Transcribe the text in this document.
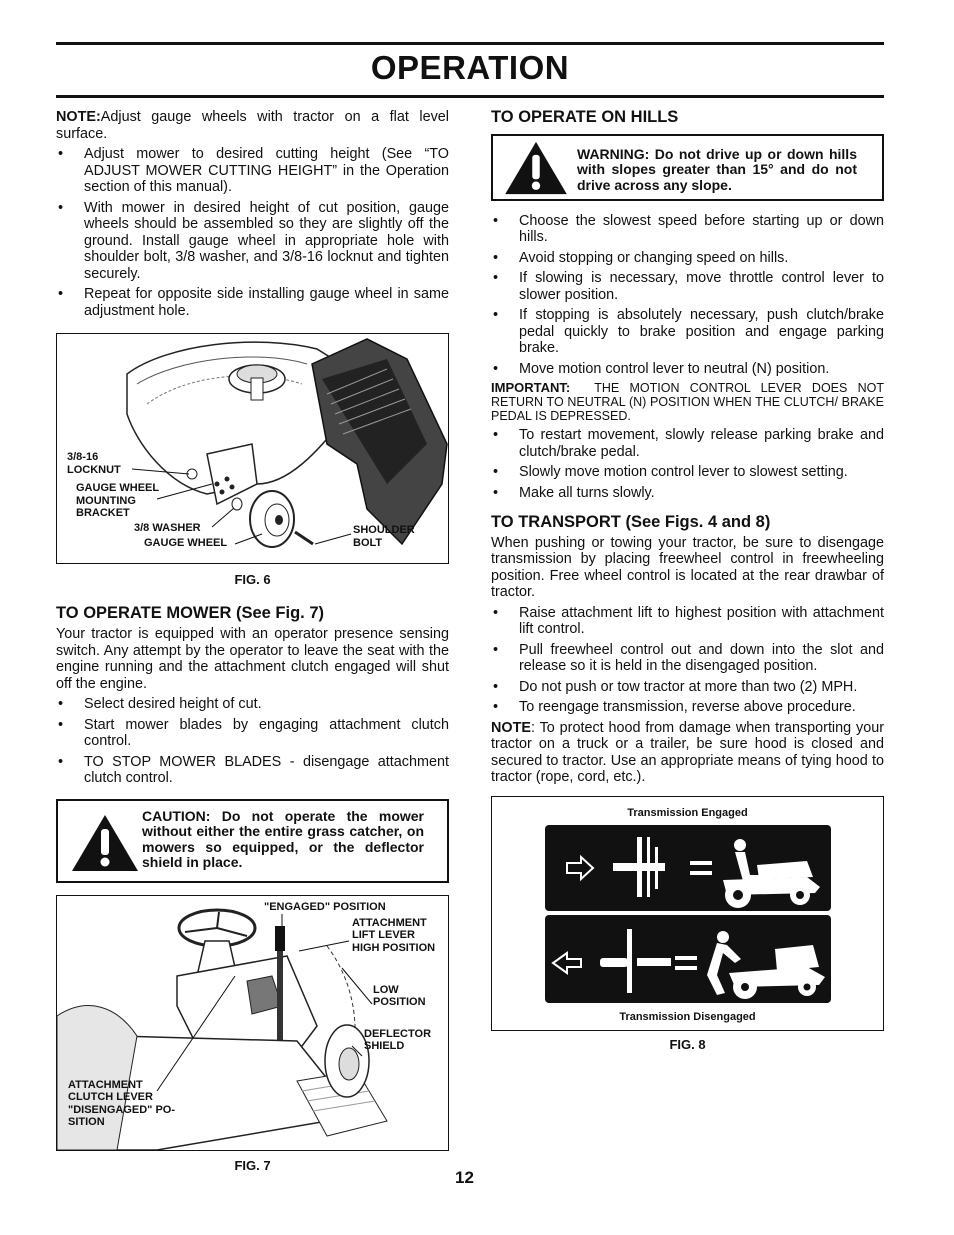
OPERATION

NOTE:Adjust gauge wheels with tractor on a flat level surface.

• Adjust mower to desired cutting height (See “TO ADJUST MOWER CUTTING HEIGHT” in the Operation section of this manual).
• With mower in desired height of cut position, gauge wheels should be assembled so they are slightly off the ground. Install gauge wheel in appropriate hole with shoulder bolt, 3/8 washer, and 3/8-16 locknut and tighten securely.
• Repeat for opposite side installing gauge wheel in same adjustment hole.
3/8-16
LOCKNUT
GAUGE WHEEL
MOUNTING
BRACKET
3/8 WASHER
GAUGE WHEEL
SHOULDER
BOLT
FIG. 6
TO OPERATE MOWER (See Fig. 7)

Your tractor is equipped with an operator presence sensing switch. Any attempt by the operator to leave the seat with the engine running and the attachment clutch engaged will shut off the engine.

• Select desired height of cut.
• Start mower blades by engaging attachment clutch control.
• TO STOP MOWER BLADES - disengage attachment clutch control.
CAUTION: Do not operate the mower without either the entire grass catcher, on mowers so equipped, or the deflector shield in place.
"ENGAGED" POSITION
ATTACHMENT
LIFT LEVER
HIGH POSITION
LOW
POSITION
DEFLECTOR
SHIELD
ATTACHMENT
CLUTCH LEVER
"DISENGAGED" PO-
SITION
FIG. 7
TO OPERATE ON HILLS
WARNING: Do not drive up or down hills with slopes greater than 15° and do not drive across any slope.
• Choose the slowest speed before starting up or down hills.
• Avoid stopping or changing speed on hills.
• If slowing is necessary, move throttle control lever to slower position.
• If stopping is absolutely necessary, push clutch/brake pedal quickly to brake position and engage parking brake.
• Move motion control lever to neutral (N) position.
IMPORTANT: THE MOTION CONTROL LEVER DOES NOT RETURN TO NEUTRAL (N) POSITION WHEN THE CLUTCH/ BRAKE PEDAL IS DEPRESSED.
• To restart movement, slowly release parking brake and clutch/brake pedal.
• Slowly move motion control lever to slowest setting.
• Make all turns slowly.
TO TRANSPORT (See Figs. 4 and 8)

When pushing or towing your tractor, be sure to disengage transmission by placing freewheel control in freewheeling position. Free wheel control is located at the rear drawbar of tractor.

• Raise attachment lift to highest position with attachment lift control.
• Pull freewheel control out and down into the slot and release so it is held in the disengaged position.
• Do not push or tow tractor at more than two (2) MPH.
• To reengage transmission, reverse above procedure.

NOTE: To protect hood from damage when transporting your tractor on a truck or a trailer, be sure hood is closed and secured to tractor. Use an appropriate means of tying hood to tractor (rope, cord, etc.).

Transmission Engaged
Transmission Disengaged
FIG. 8
12
